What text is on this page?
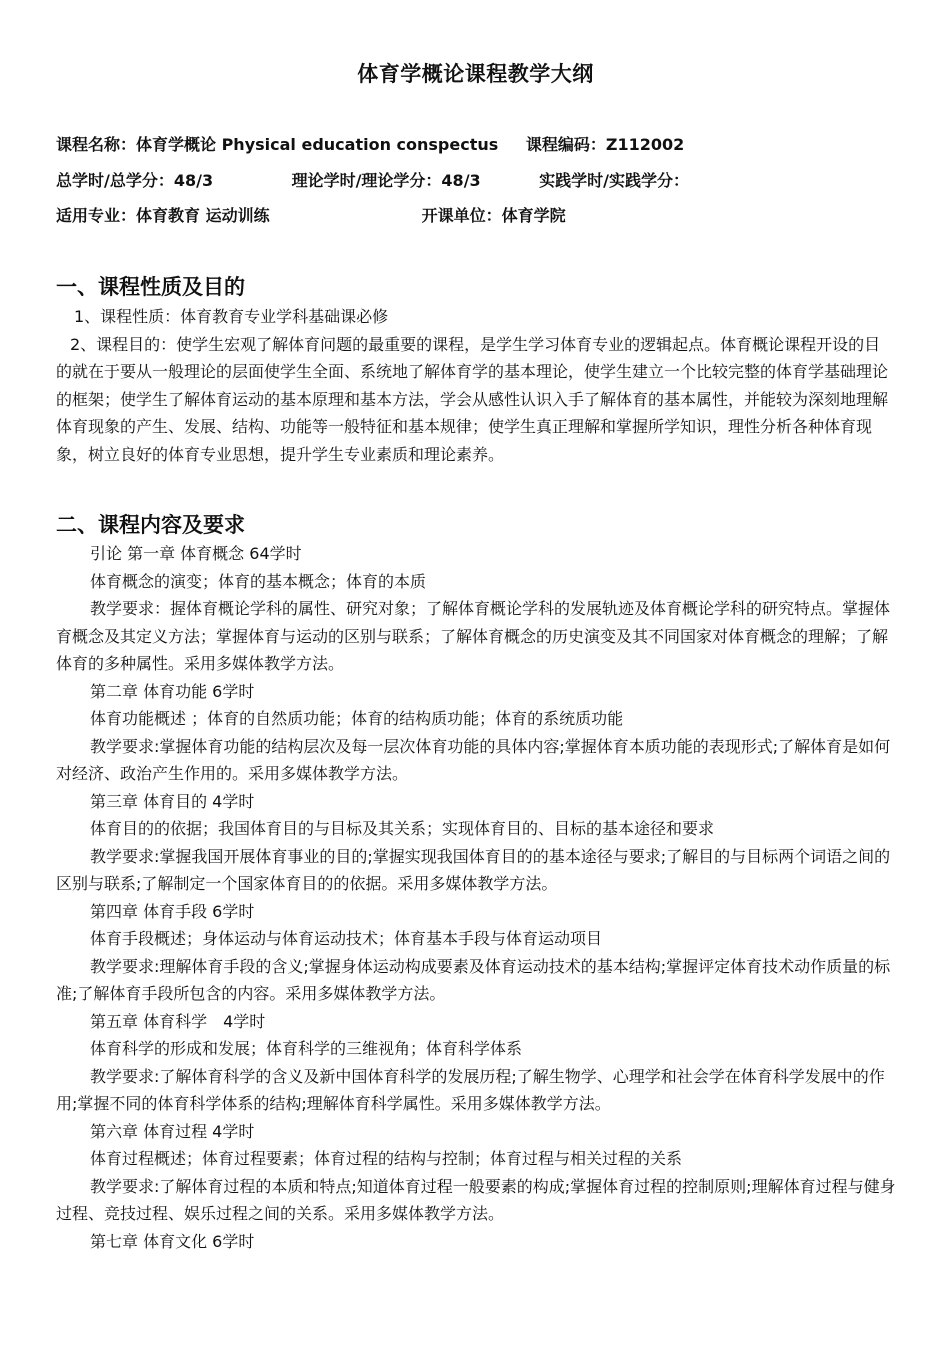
体育学概论课程教学大纲
课程名称：体育学概论 Physical education conspectus 课程编码：Z112002
总学时/总学分：48/3	理论学时/理论学分：48/3	实践学时/实践学分：
适用专业：体育教育 运动训练	开课单位：体育学院
一、课程性质及目的

1、课程性质：体育教育专业学科基础课必修

2、课程目的：使学生宏观了解体育问题的最重要的课程，是学生学习体育专业的逻辑起点。体育概论课程开设的目的就在于要从一般理论的层面使学生全面、系统地了解体育学的基本理论，使学生建立一个比较完整的体育学基础理论的框架；使学生了解体育运动的基本原理和基本方法，学会从感性认识入手了解体育的基本属性，并能较为深刻地理解体育现象的产生、发展、结构、功能等一般特征和基本规律；使学生真正理解和掌握所学知识，理性分析各种体育现象，树立良好的体育专业思想，提升学生专业素质和理论素养。

二、课程内容及要求

引论 第一章 体育概念 64学时

体育概念的演变；体育的基本概念；体育的本质

教学要求：握体育概论学科的属性、研究对象；了解体育概论学科的发展轨迹及体育概论学科的研究特点。掌握体育概念及其定义方法；掌握体育与运动的区别与联系；了解体育概念的历史演变及其不同国家对体育概念的理解；了解体育的多种属性。采用多媒体教学方法。

第二章 体育功能 6学时

体育功能概述 ；体育的自然质功能；体育的结构质功能；体育的系统质功能

教学要求:掌握体育功能的结构层次及每一层次体育功能的具体内容;掌握体育本质功能的表现形式;了解体育是如何对经济、政治产生作用的。采用多媒体教学方法。

第三章 体育目的 4学时

体育目的的依据；我国体育目的与目标及其关系；实现体育目的、目标的基本途径和要求

教学要求:掌握我国开展体育事业的目的;掌握实现我国体育目的的基本途径与要求;了解目的与目标两个词语之间的区别与联系;了解制定一个国家体育目的的依据。采用多媒体教学方法。

第四章 体育手段 6学时

体育手段概述；身体运动与体育运动技术；体育基本手段与体育运动项目

教学要求:理解体育手段的含义;掌握身体运动构成要素及体育运动技术的基本结构;掌握评定体育技术动作质量的标准;了解体育手段所包含的内容。采用多媒体教学方法。

第五章 体育科学　4学时

体育科学的形成和发展；体育科学的三维视角；体育科学体系

教学要求:了解体育科学的含义及新中国体育科学的发展历程;了解生物学、心理学和社会学在体育科学发展中的作用;掌握不同的体育科学体系的结构;理解体育科学属性。采用多媒体教学方法。

第六章 体育过程 4学时

体育过程概述；体育过程要素；体育过程的结构与控制；体育过程与相关过程的关系

教学要求:了解体育过程的本质和特点;知道体育过程一般要素的构成;掌握体育过程的控制原则;理解体育过程与健身过程、竞技过程、娱乐过程之间的关系。采用多媒体教学方法。

第七章 体育文化 6学时
